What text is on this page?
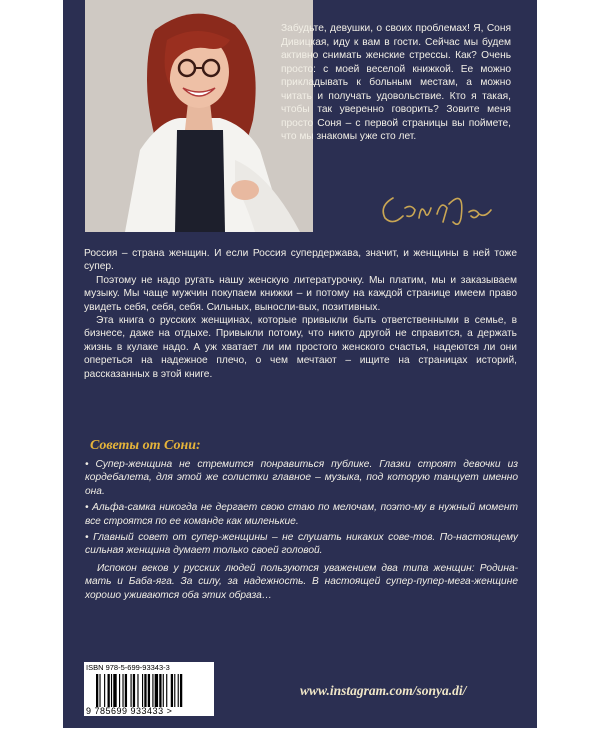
Забудьте, девушки, о своих проблемах! Я, Соня Дивицкая, иду к вам в гости. Сейчас мы будем активно снимать женские стрессы. Как? Очень просто: с моей веселой книжкой. Ее можно прикладывать к больным местам, а можно читать и получать удовольствие. Кто я такая, чтобы так уверенно говорить? Зовите меня просто Соня – с первой страницы вы поймете, что мы знакомы уже сто лет.

Россия – страна женщин. И если Россия супердержава, значит, и женщины в ней тоже супер.

Поэтому не надо ругать нашу женскую литературочку. Мы платим, мы и заказываем музыку. Мы чаще мужчин покупаем книжки – и потому на каждой странице имеем право увидеть себя, себя, себя. Сильных, выносли-вых, позитивных.

Эта книга о русских женщинах, которые привыкли быть ответственными в семье, в бизнесе, даже на отдыхе. Привыкли потому, что никто другой не справится, а держать жизнь в кулаке надо. А уж хватает ли им простого женского счастья, надеются ли они опереться на надежное плечо, о чем мечтают – ищите на страницах историй, рассказанных в этой книге.

Советы от Сони:

• Супер-женщина не стремится понравиться публике. Глазки строят девочки из кордебалета, для этой же солистки главное – музыка, под которую танцует именно она.

• Альфа-самка никогда не дергает свою стаю по мелочам, поэто-му в нужный момент все строятся по ее команде как миленькие.

• Главный совет от супер-женщины – не слушать никаких сове-тов. По-настоящему сильная женщина думает только своей головой.

Испокон веков у русских людей пользуются уважением два типа женщин: Родина-мать и Баба-яга. За силу, за надежность. В настоящей супер-пупер-мега-женщине хорошо уживаются оба этих образа…

www.instagram.com/sonya.di/
ISBN 978-5-699-93343-3
9 785699 933433 >
